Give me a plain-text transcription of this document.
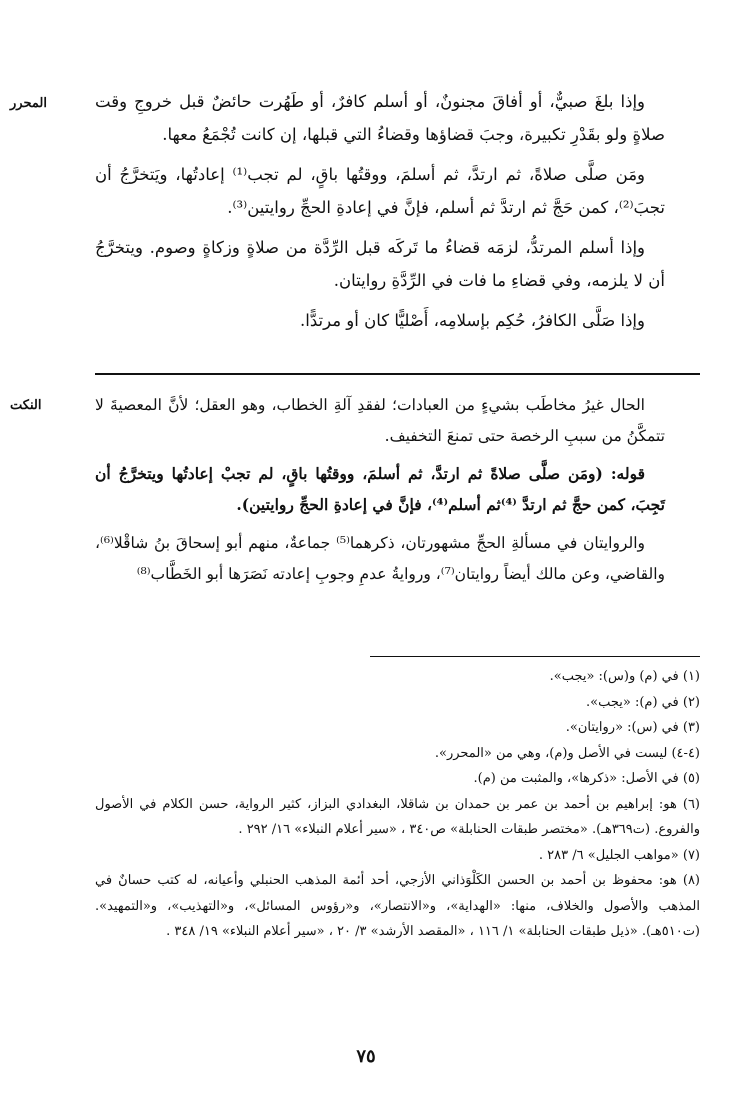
المحرر	وإذا بلغَ صبيٌّ، أو أفاقَ مجنونٌ، أو أسلم كافرٌ، أو طَهُرت حائضٌ قبل خروجِ وقت صلاةٍ ولو بقَدْرِ تكبيرة، وجبَ قضاؤها وقضاءُ التي قبلها، إن كانت تُجْمَعُ معها.

ومَن صلَّى صلاةً، ثم ارتدَّ، ثم أسلمَ، ووقتُها باقٍ، لم تجب⁽¹⁾ إعادتُها، ويَتخرَّجُ أن تجبَ⁽²⁾، كمن حَجَّ ثم ارتدَّ ثم أسلم، فإنَّ في إعادةِ الحجِّ روايتين⁽³⁾.

وإذا أسلم المرتدُّ، لزمَه قضاءُ ما تَركَه قبل الرِّدَّة من صلاةٍ وزكاةٍ وصوم. ويتخرَّجُ أن لا يلزمه، وفي قضاءِ ما فات في الرِّدَّةِ روايتان.

وإذا صَلَّى الكافرُ، حُكِم بإسلامِه، أَصْليًّا كان أو مرتدًّا.

النكت	الحال غيرُ مخاطَب بشيءٍ من العبادات؛ لفقدِ آلةِ الخطاب، وهو العقل؛ لأنَّ المعصيةَ لا تتمكَّنُ من سببِ الرخصة حتى تمنعَ التخفيف.

قوله: (ومَن صلَّى صلاةً ثم ارتدَّ، ثم أسلمَ، ووقتُها باقٍ، لم تجبْ إعادتُها ويتخرَّجُ أن تَجِبَ، كمن حجَّ ثم ارتدَّ ⁽⁴⁾ثم أسلم⁽⁴⁾، فإنَّ في إعادةِ الحجِّ روايتين).

والروايتان في مسألةِ الحجِّ مشهورتان، ذكرهما⁽⁵⁾ جماعةٌ، منهم أبو إسحاقَ بنُ شاقْلا⁽⁶⁾، والقاضي، وعن مالك أيضاً روايتان⁽⁷⁾، وروايةُ عدمِ وجوبِ إعادته نَصَرَها أبو الخَطَّاب⁽⁸⁾

(١) في (م) و(س): «يجب».

(٢) في (م): «يجب».

(٣) في (س): «روايتان».

(٤-٤) ليست في الأصل و(م)، وهي من «المحرر».

(٥) في الأصل: «ذكرها»، والمثبت من (م).

(٦) هو: إبراهيم بن أحمد بن عمر بن حمدان بن شاقلا، البغدادي البزاز، كثير الرواية، حسن الكلام في الأصول والفروع. (ت٣٦٩هـ). «مختصر طبقات الحنابلة» ص٣٤٠ ، «سير أعلام النبلاء» ١٦/ ٢٩٢ .

(٧) «مواهب الجليل» ٦/ ٢٨٣ .

(٨) هو: محفوظ بن أحمد بن الحسن الكَلْوَذاني الأزجي، أحد أئمة المذهب الحنبلي وأعيانه، له كتب حسانٌ في المذهب والأصول والخلاف، منها: «الهداية»، و«الانتصار»، و«رؤوس المسائل»، و«التهذيب»، و«التمهيد». (ت٥١٠هـ). «ذيل طبقات الحنابلة» ١/ ١١٦ ، «المقصد الأرشد» ٣/ ٢٠ ، «سير أعلام النبلاء» ١٩/ ٣٤٨ .

٧٥
